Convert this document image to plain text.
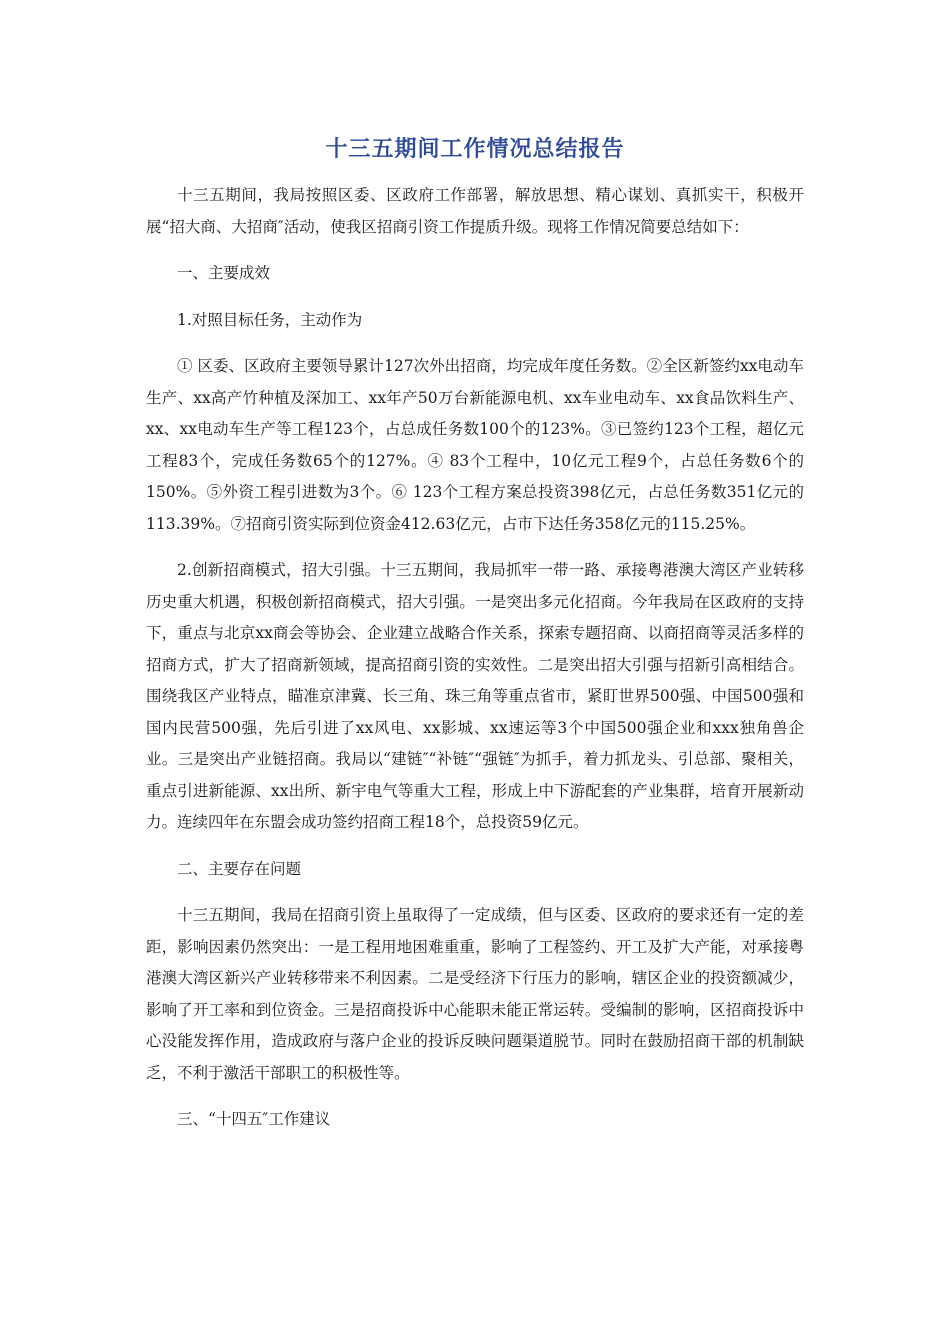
十三五期间工作情况总结报告

十三五期间，我局按照区委、区政府工作部署，解放思想、精心谋划、真抓实干，积极开展“招大商、大招商″活动，使我区招商引资工作提质升级。现将工作情况简要总结如下：

一、主要成效

1.对照目标任务，主动作为

① 区委、区政府主要领导累计127次外出招商，均完成年度任务数。②全区新签约xx电动车生产、xx高产竹种植及深加工、xx年产50万台新能源电机、xx车业电动车、xx食品饮料生产、xx、xx电动车生产等工程123个，占总成任务数100个的123%。③已签约123个工程，超亿元工程83个，完成任务数65个的127%。④ 83个工程中，10亿元工程9个，占总任务数6个的150%。⑤外资工程引进数为3个。⑥ 123个工程方案总投资398亿元，占总任务数351亿元的113.39%。⑦招商引资实际到位资金412.63亿元，占市下达任务358亿元的115.25%。

2.创新招商模式，招大引强。十三五期间，我局抓牢一带一路、承接粤港澳大湾区产业转移历史重大机遇，积极创新招商模式，招大引强。一是突出多元化招商。今年我局在区政府的支持下，重点与北京xx商会等协会、企业建立战略合作关系，探索专题招商、以商招商等灵活多样的招商方式，扩大了招商新领域，提高招商引资的实效性。二是突出招大引强与招新引高相结合。围绕我区产业特点，瞄准京津冀、长三角、珠三角等重点省市，紧盯世界500强、中国500强和国内民营500强，先后引进了xx风电、xx影城、xx速运等3个中国500强企业和xxx独角兽企业。三是突出产业链招商。我局以“建链″“补链″“强链″为抓手，着力抓龙头、引总部、聚相关，重点引进新能源、xx出所、新宇电气等重大工程，形成上中下游配套的产业集群，培育开展新动力。连续四年在东盟会成功签约招商工程18个，总投资59亿元。

二、主要存在问题

十三五期间，我局在招商引资上虽取得了一定成绩，但与区委、区政府的要求还有一定的差距，影响因素仍然突出：一是工程用地困难重重，影响了工程签约、开工及扩大产能，对承接粤港澳大湾区新兴产业转移带来不利因素。二是受经济下行压力的影响，辖区企业的投资额减少，影响了开工率和到位资金。三是招商投诉中心能职未能正常运转。受编制的影响，区招商投诉中心没能发挥作用，造成政府与落户企业的投诉反映问题渠道脱节。同时在鼓励招商干部的机制缺乏，不利于激活干部职工的积极性等。

三、“十四五″工作建议
